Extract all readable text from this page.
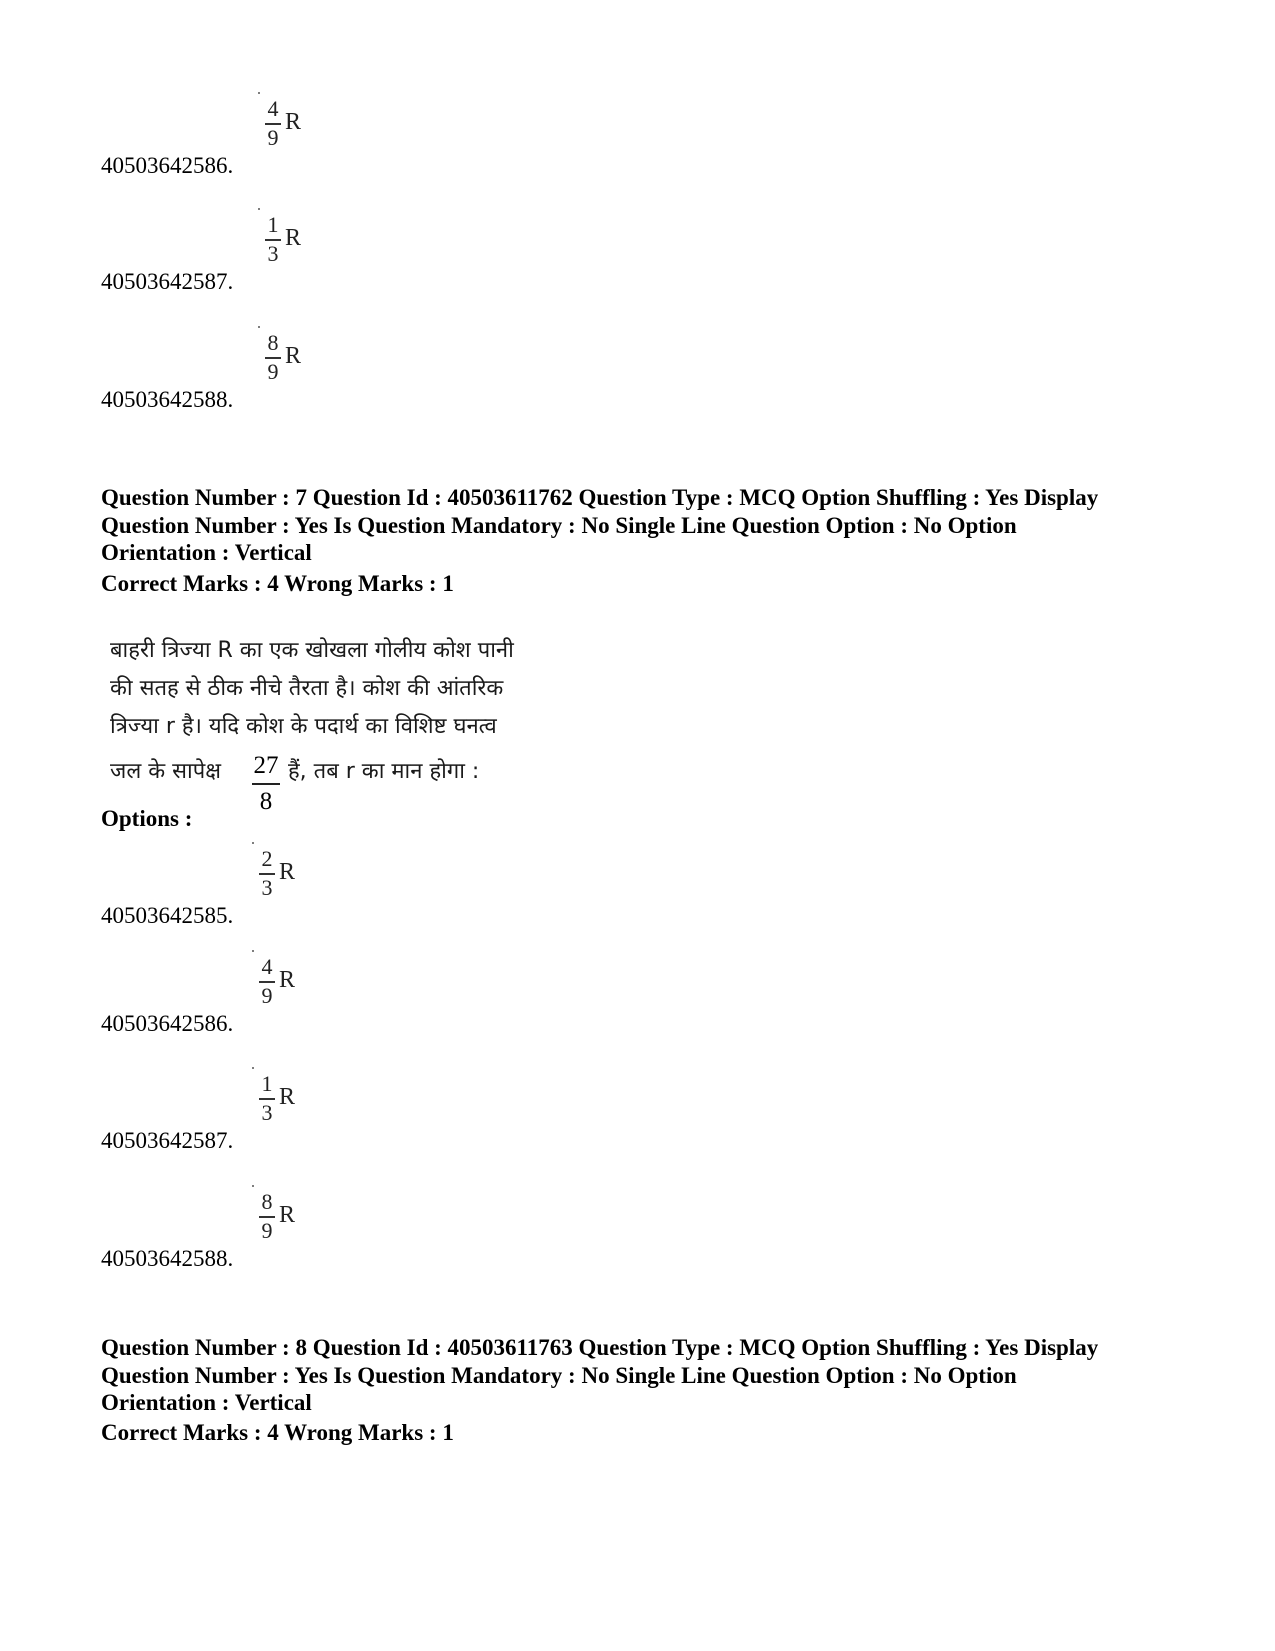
4
9
R
40503642586.
1
3
R
40503642587.
8
9
R
40503642588.
Question Number : 7 Question Id : 40503611762 Question Type : MCQ Option Shuffling : Yes Display
Question Number : Yes Is Question Mandatory : No Single Line Question Option : No Option
Orientation : Vertical
Correct Marks : 4 Wrong Marks : 1
बाहरी त्रिज्या R का एक खोखला गोलीय कोश पानी
की सतह से ठीक नीचे तैरता है। कोश की आंतरिक
त्रिज्या r है। यदि कोश के पदार्थ का विशिष्ट घनत्व
जल के सापेक्ष 27
8
हैं, तब r का मान होगा :
Options :
2
3
R
40503642585.
4
9
R
40503642586.
1
3
R
40503642587.
8
9
R
40503642588.
Question Number : 8 Question Id : 40503611763 Question Type : MCQ Option Shuffling : Yes Display
Question Number : Yes Is Question Mandatory : No Single Line Question Option : No Option
Orientation : Vertical
Correct Marks : 4 Wrong Marks : 1
